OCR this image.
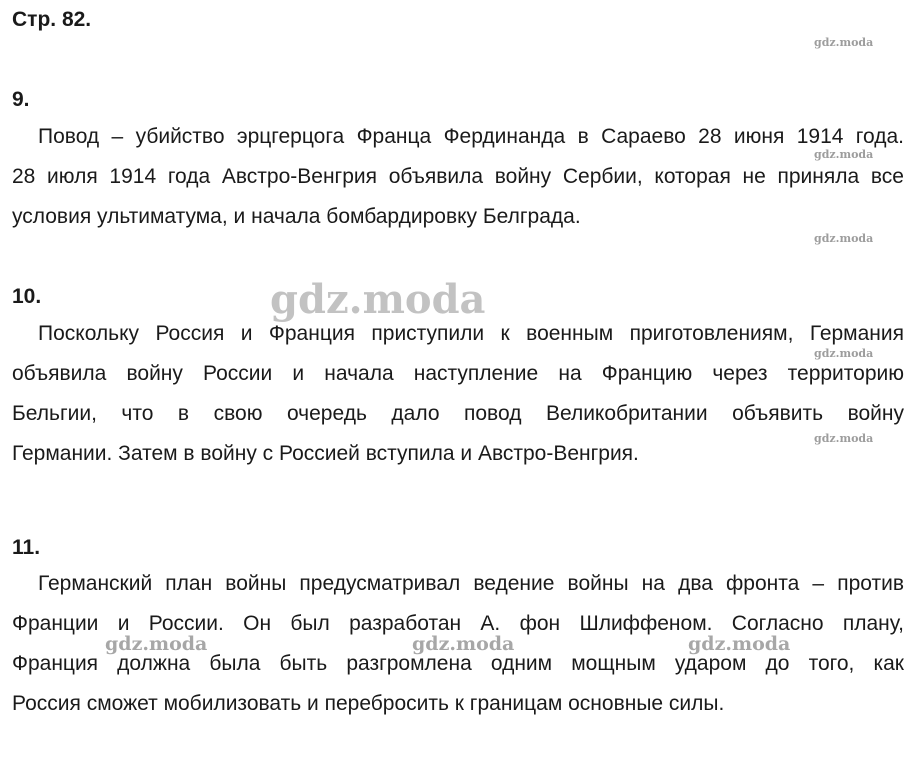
Стр. 82.
gdz.moda
gdz.moda
gdz.moda
gdz.moda
gdz.moda
9.
Повод – убийство эрцгерцога Франца Фердинанда в Сараево 28 июня 1914 года.
28 июля 1914 года Австро-Венгрия объявила войну Сербии, которая не приняла все
условия ультиматума, и начала бомбардировку Белграда.
10.
Поскольку Россия и Франция приступили к военным приготовлениям, Германия
объявила войну России и начала наступление на Францию через территорию
Бельгии, что в свою очередь дало повод Великобритании объявить войну
Германии. Затем в войну с Россией вступила и Австро-Венгрия.
11.
Германский план войны предусматривал ведение войны на два фронта – против
Франции и России. Он был разработан А. фон Шлиффеном. Согласно плану,
Франция должна была быть разгромлена одним мощным ударом до того, как
Россия сможет мобилизовать и перебросить к границам основные силы.
gdz.moda
gdz.moda	gdz.moda	gdz.moda
